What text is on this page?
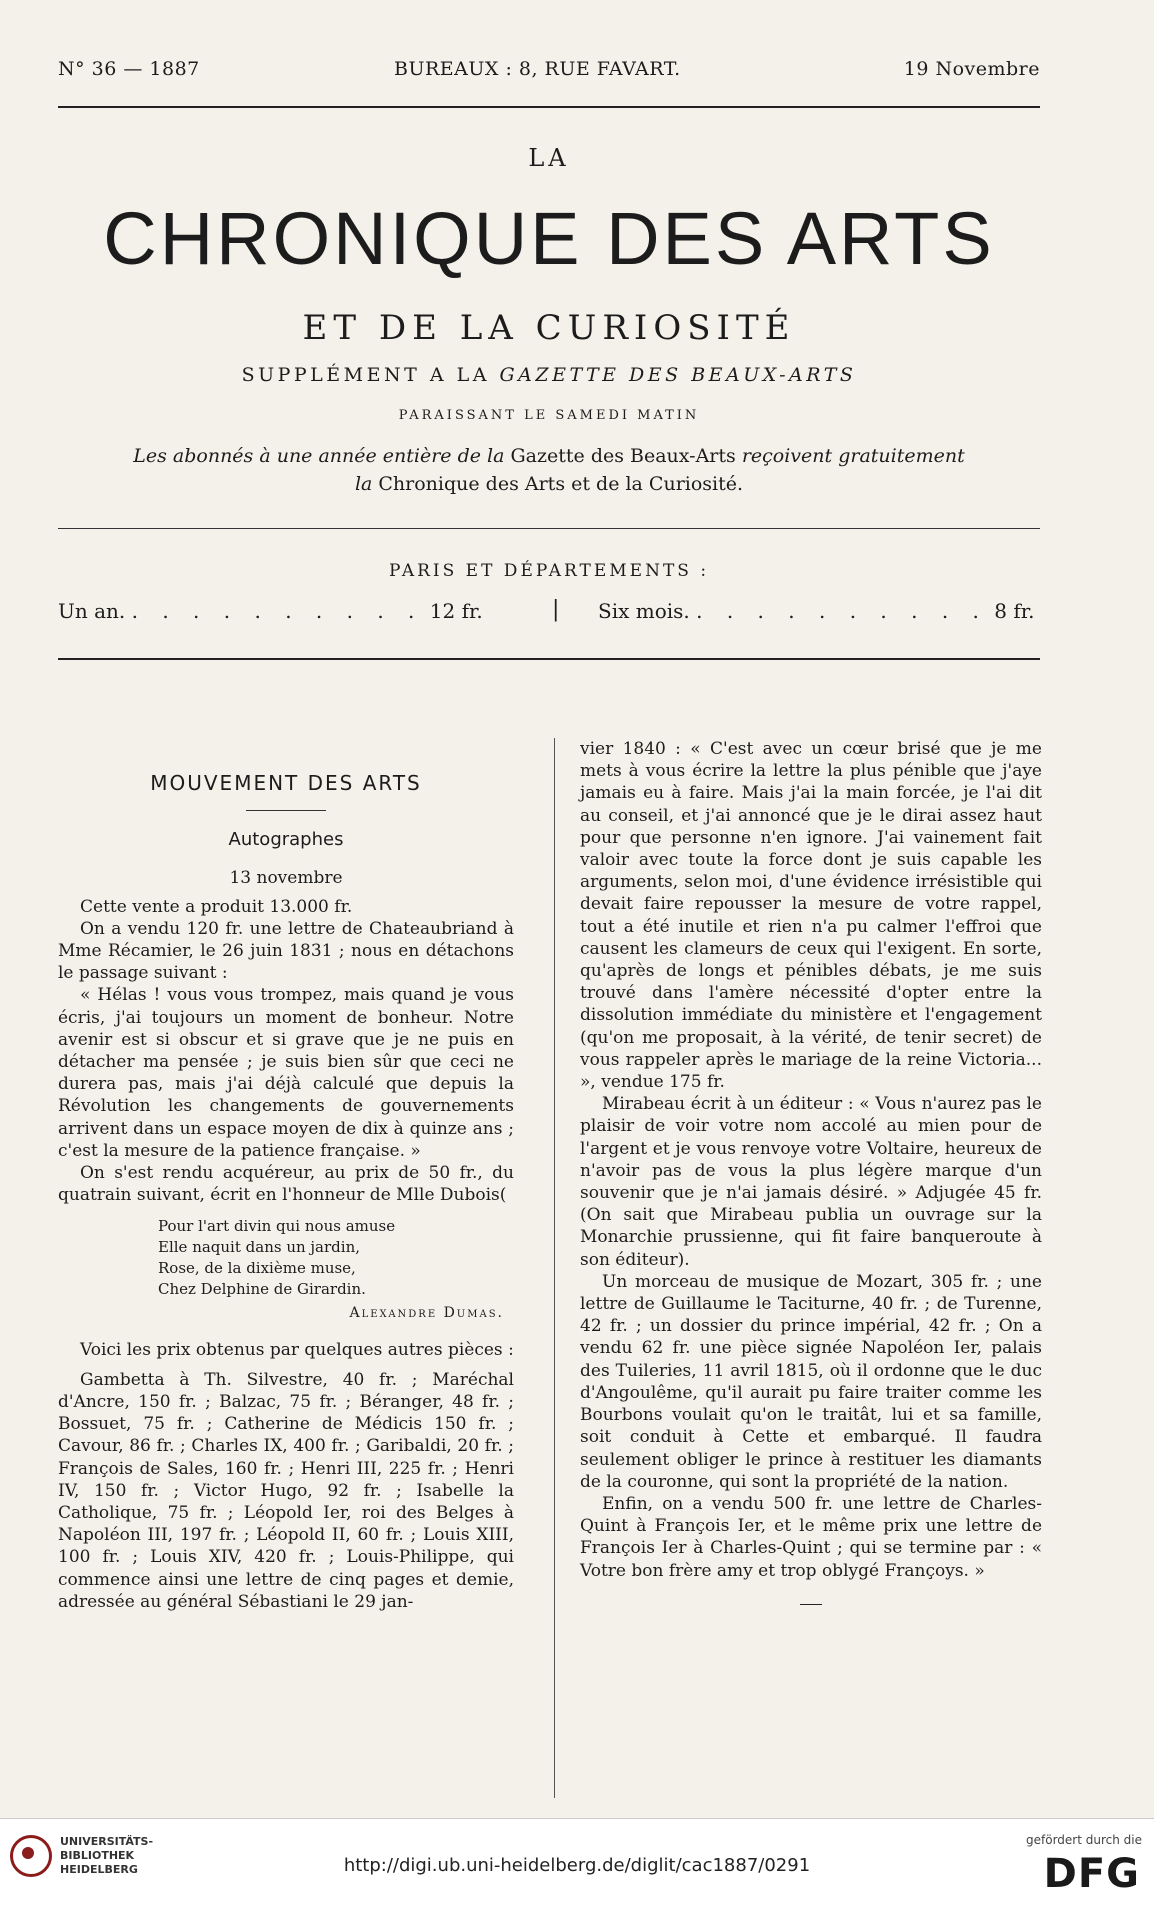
N° 36 — 1887	BUREAUX : 8, RUE FAVART.	19 Novembre
LA
CHRONIQUE DES ARTS
ET DE LA CURIOSITÉ
SUPPLÉMENT A LA GAZETTE DES BEAUX-ARTS
PARAISSANT LE SAMEDI MATIN
Les abonnés à une année entière de la Gazette des Beaux-Arts reçoivent gratuitement
la Chronique des Arts et de la Curiosité.
PARIS ET DÉPARTEMENTS :
Un an. . . . . . . . . . . 12 fr.	| Six mois. . . . . . . . . . . 8 fr.

MOUVEMENT DES ARTS

Autographes

13 novembre

Cette vente a produit 13.000 fr.

On a vendu 120 fr. une lettre de Chateaubriand à Mme Récamier, le 26 juin 1831 ; nous en détachons le passage suivant :

« Hélas ! vous vous trompez, mais quand je vous écris, j'ai toujours un moment de bonheur. Notre avenir est si obscur et si grave que je ne puis en détacher ma pensée ; je suis bien sûr que ceci ne durera pas, mais j'ai déjà calculé que depuis la Révolution les changements de gouvernements arrivent dans un espace moyen de dix à quinze ans ; c'est la mesure de la patience française. »

On s'est rendu acquéreur, au prix de 50 fr., du quatrain suivant, écrit en l'honneur de Mlle Dubois(

Pour l'art divin qui nous amuse
Elle naquit dans un jardin,
Rose, de la dixième muse,
Chez Delphine de Girardin.

Alexandre Dumas.

Voici les prix obtenus par quelques autres pièces :

Gambetta à Th. Silvestre, 40 fr. ; Maréchal d'Ancre, 150 fr. ; Balzac, 75 fr. ; Béranger, 48 fr. ; Bossuet, 75 fr. ; Catherine de Médicis 150 fr. ; Cavour, 86 fr. ; Charles IX, 400 fr. ; Garibaldi, 20 fr. ; François de Sales, 160 fr. ; Henri III, 225 fr. ; Henri IV, 150 fr. ; Victor Hugo, 92 fr. ; Isabelle la Catholique, 75 fr. ; Léopold Ier, roi des Belges à Napoléon III, 197 fr. ; Léopold II, 60 fr. ; Louis XIII, 100 fr. ; Louis XIV, 420 fr. ; Louis-Philippe, qui commence ainsi une lettre de cinq pages et demie, adressée au général Sébastiani le 29 jan-

vier 1840 : « C'est avec un cœur brisé que je me mets à vous écrire la lettre la plus pénible que j'aye jamais eu à faire. Mais j'ai la main forcée, je l'ai dit au conseil, et j'ai annoncé que je le dirai assez haut pour que personne n'en ignore. J'ai vainement fait valoir avec toute la force dont je suis capable les arguments, selon moi, d'une évidence irrésistible qui devait faire repousser la mesure de votre rappel, tout a été inutile et rien n'a pu calmer l'effroi que causent les clameurs de ceux qui l'exigent. En sorte, qu'après de longs et pénibles débats, je me suis trouvé dans l'amère nécessité d'opter entre la dissolution immédiate du ministère et l'engagement (qu'on me proposait, à la vérité, de tenir secret) de vous rappeler après le mariage de la reine Victoria... », vendue 175 fr.

Mirabeau écrit à un éditeur : « Vous n'aurez pas le plaisir de voir votre nom accolé au mien pour de l'argent et je vous renvoye votre Voltaire, heureux de n'avoir pas de vous la plus légère marque d'un souvenir que je n'ai jamais désiré. » Adjugée 45 fr. (On sait que Mirabeau publia un ouvrage sur la Monarchie prussienne, qui fit faire banqueroute à son éditeur).

Un morceau de musique de Mozart, 305 fr. ; une lettre de Guillaume le Taciturne, 40 fr. ; de Turenne, 42 fr. ; un dossier du prince impérial, 42 fr. ; On a vendu 62 fr. une pièce signée Napoléon Ier, palais des Tuileries, 11 avril 1815, où il ordonne que le duc d'Angoulême, qu'il aurait pu faire traiter comme les Bourbons voulait qu'on le traitât, lui et sa famille, soit conduit à Cette et embarqué. Il faudra seulement obliger le prince à restituer les diamants de la couronne, qui sont la propriété de la nation.

Enfin, on a vendu 500 fr. une lettre de Charles-Quint à François Ier, et le même prix une lettre de François Ier à Charles-Quint ; qui se termine par : « Votre bon frère amy et trop oblygé Françoys. »

UNIVERSITÄTS-
BIBLIOTHEK
HEIDELBERG	http://digi.ub.uni-heidelberg.de/diglit/cac1887/0291
gefördert durch die
DFG
